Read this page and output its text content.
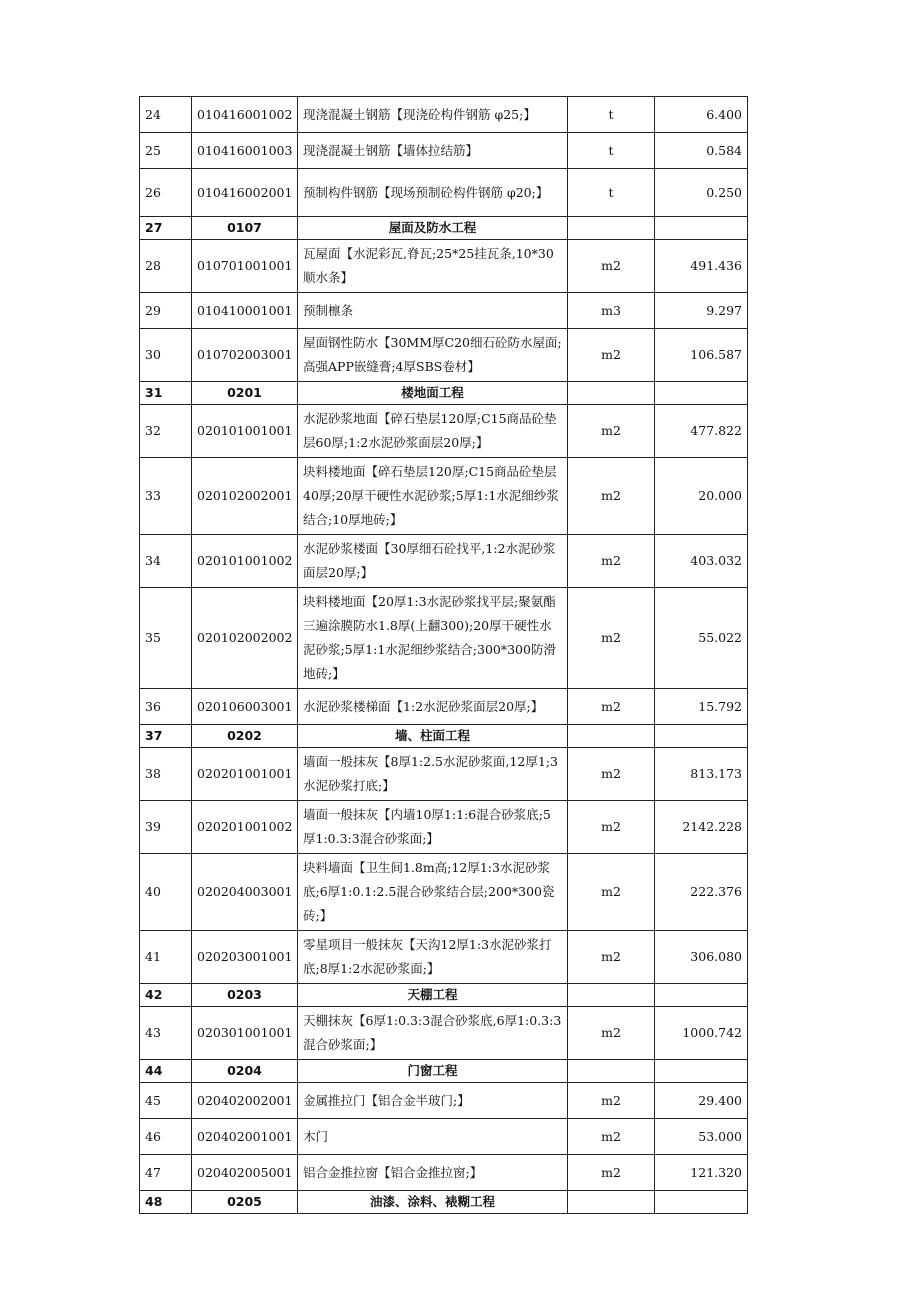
24	010416001002	现浇混凝土钢筋【现浇砼构件钢筋 φ25;】	t	6.400
25	010416001003	现浇混凝土钢筋【墙体拉结筋】	t	0.584
26	010416002001	预制构件钢筋【现场预制砼构件钢筋 φ20;】	t	0.250
27	0107	屋面及防水工程		
28	010701001001	瓦屋面【水泥彩瓦,脊瓦;25*25挂瓦条,10*30顺水条】	m2	491.436
29	010410001001	预制檩条	m3	9.297
30	010702003001	屋面钢性防水【30MM厚C20细石砼防水屋面;高强APP嵌缝膏;4厚SBS卷材】	m2	106.587
31	0201	楼地面工程		
32	020101001001	水泥砂浆地面【碎石垫层120厚;C15商品砼垫层60厚;1:2水泥砂浆面层20厚;】	m2	477.822
33	020102002001	块料楼地面【碎石垫层120厚;C15商品砼垫层40厚;20厚干硬性水泥砂浆;5厚1:1水泥细纱浆结合;10厚地砖;】	m2	20.000
34	020101001002	水泥砂浆楼面【30厚细石砼找平,1:2水泥砂浆面层20厚;】	m2	403.032
35	020102002002	块料楼地面【20厚1:3水泥砂浆找平层;聚氨酯三遍涂膜防水1.8厚(上翻300);20厚干硬性水泥砂浆;5厚1:1水泥细纱浆结合;300*300防滑地砖;】	m2	55.022
36	020106003001	水泥砂浆楼梯面【1:2水泥砂浆面层20厚;】	m2	15.792
37	0202	墙、柱面工程		
38	020201001001	墙面一般抹灰【8厚1:2.5水泥砂浆面,12厚1;3水泥砂浆打底;】	m2	813.173
39	020201001002	墙面一般抹灰【内墙10厚1:1:6混合砂浆底;5厚1:0.3:3混合砂浆面;】	m2	2142.228
40	020204003001	块料墙面【卫生间1.8m高;12厚1:3水泥砂浆底;6厚1:0.1:2.5混合砂浆结合层;200*300瓷砖;】	m2	222.376
41	020203001001	零星项目一般抹灰【天沟12厚1:3水泥砂浆打底;8厚1:2水泥砂浆面;】	m2	306.080
42	0203	天棚工程		
43	020301001001	天棚抹灰【6厚1:0.3:3混合砂浆底,6厚1:0.3:3混合砂浆面;】	m2	1000.742
44	0204	门窗工程		
45	020402002001	金属推拉门【铝合金半玻门;】	m2	29.400
46	020402001001	木门	m2	53.000
47	020402005001	铝合金推拉窗【铝合金推拉窗;】	m2	121.320
48	0205	油漆、涂料、裱糊工程		
